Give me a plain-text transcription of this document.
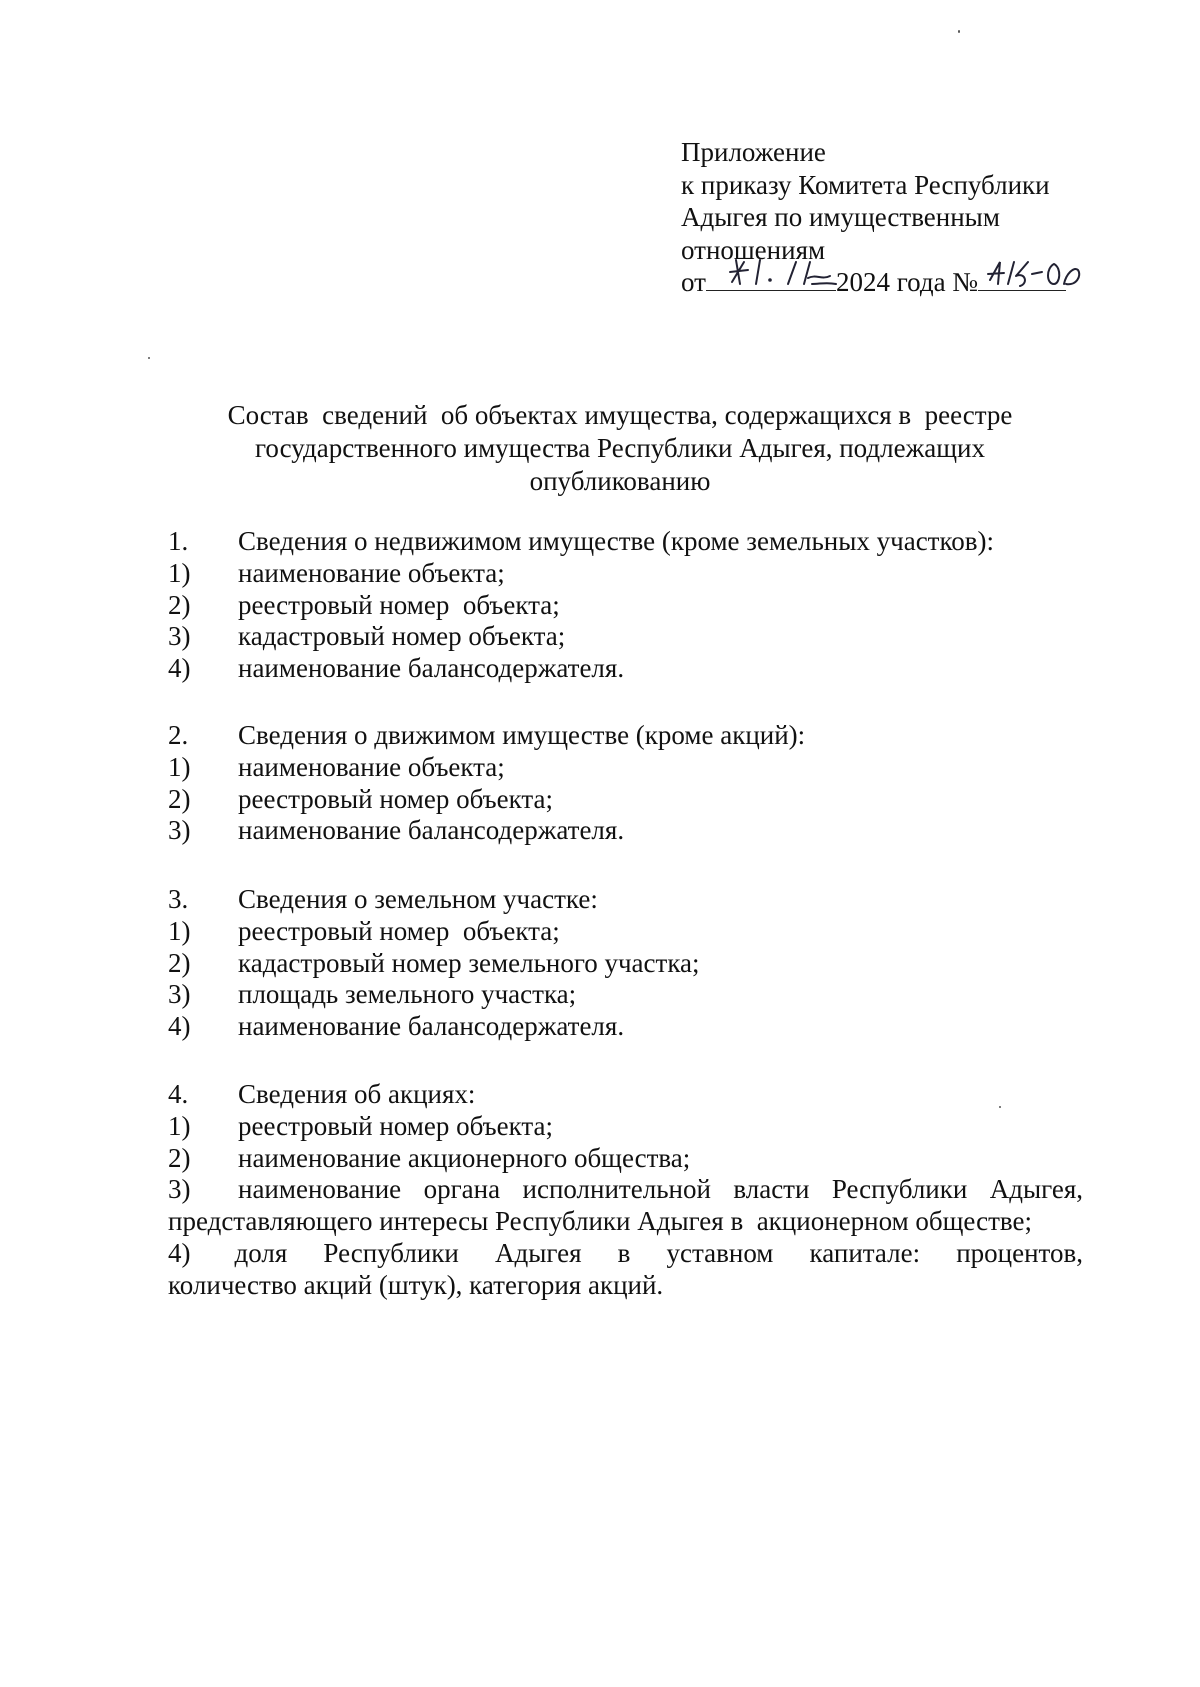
Приложение
к приказу Комитета Республики
Адыгея по имущественным
отношениям
от	2024 года №
Состав  сведений  об объектах имущества, содержащихся в  реестре
государственного имущества Республики Адыгея, подлежащих
опубликованию
1.	Сведения о недвижимом имуществе (кроме земельных участков):
1)	наименование объекта;
2)	реестровый номер  объекта;
3)	кадастровый номер объекта;
4)	наименование балансодержателя.
2.	Сведения о движимом имуществе (кроме акций):
1)	наименование объекта;
2)	реестровый номер объекта;
3)	наименование балансодержателя.
3.	Сведения о земельном участке:
1)	реестровый номер  объекта;
2)	кадастровый номер земельного участка;
3)	площадь земельного участка;
4)	наименование балансодержателя.
4.	Сведения об акциях:
1)	реестровый номер объекта;
2)	наименование акционерного общества;
3) наименование органа исполнительной власти Республики Адыгея,
представляющего интересы Республики Адыгея в  акционерном обществе;
4) доля Республики Адыгея в уставном капитале: процентов,
количество акций (штук), категория акций.
